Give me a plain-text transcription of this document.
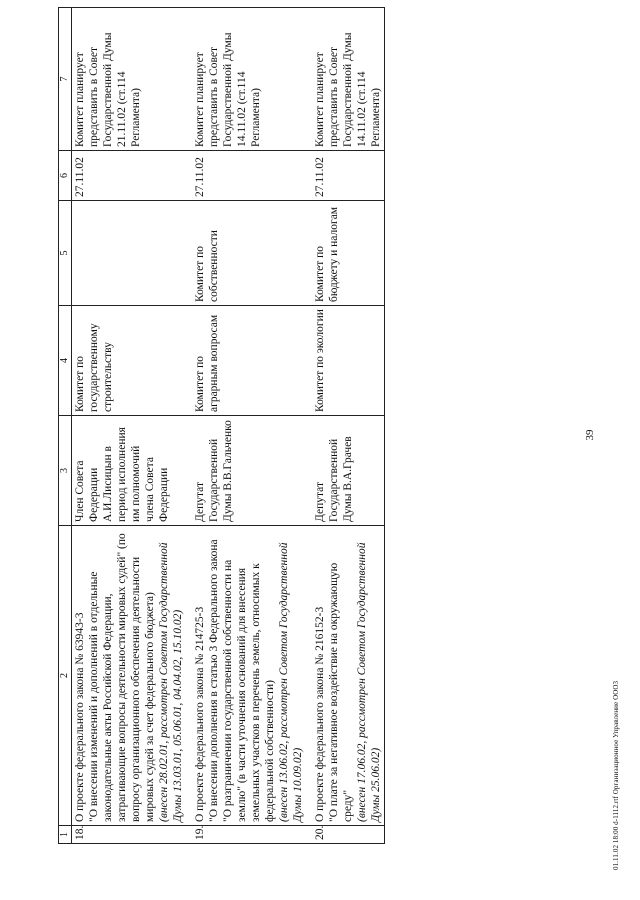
39
1	2	3	4	5	6	7
18.	О проекте федерального закона № 63943-3 "О внесении изменений и дополнений в отдельные законодательные акты Российской Федерации, затрагивающие вопросы деятельности мировых судей" (по вопросу организационного обеспечения деятельности мировых судей за счет федерального бюджета) (внесен 28.02.01, рассмотрен Советом Государственной Думы 13.03.01, 05.06.01, 04.04.02, 15.10.02)	Член Совета Федерации А.И.Лисицын в период исполнения им полномочий члена Совета Федерации	Комитет по государственному строительству		27.11.02	Комитет планирует представить в Совет Государственной Думы 21.11.02 (ст.114 Регламента)

19.	О проекте федерального закона № 214725-3 "О внесении дополнения в статью 3 Федерального закона "О разграничении государственной собственности на землю" (в части уточнения оснований для внесения земельных участков в перечень земель, относимых к федеральной собственности) (внесен 13.06.02, рассмотрен Советом Государственной Думы 10.09.02)	Депутат Государственной Думы В.В.Гальченко	Комитет по аграрным вопросам	Комитет по собственности	27.11.02	Комитет планирует представить в Совет Государственной Думы 14.11.02 (ст.114 Регламента)

20.	О проекте федерального закона № 216152-3 "О плате за негативное воздействие на окружающую среду" (внесен 17.06.02, рассмотрен Советом Государственной Думы 25.06.02)	Депутат Государственной Думы В.А.Грачев	Комитет по экологии	Комитет по бюджету и налогам	27.11.02	Комитет планирует представить в Совет Государственной Думы 14.11.02 (ст.114 Регламента)
01.11.02 18:00 d-1112.rtf Организационное Управление ООО3
